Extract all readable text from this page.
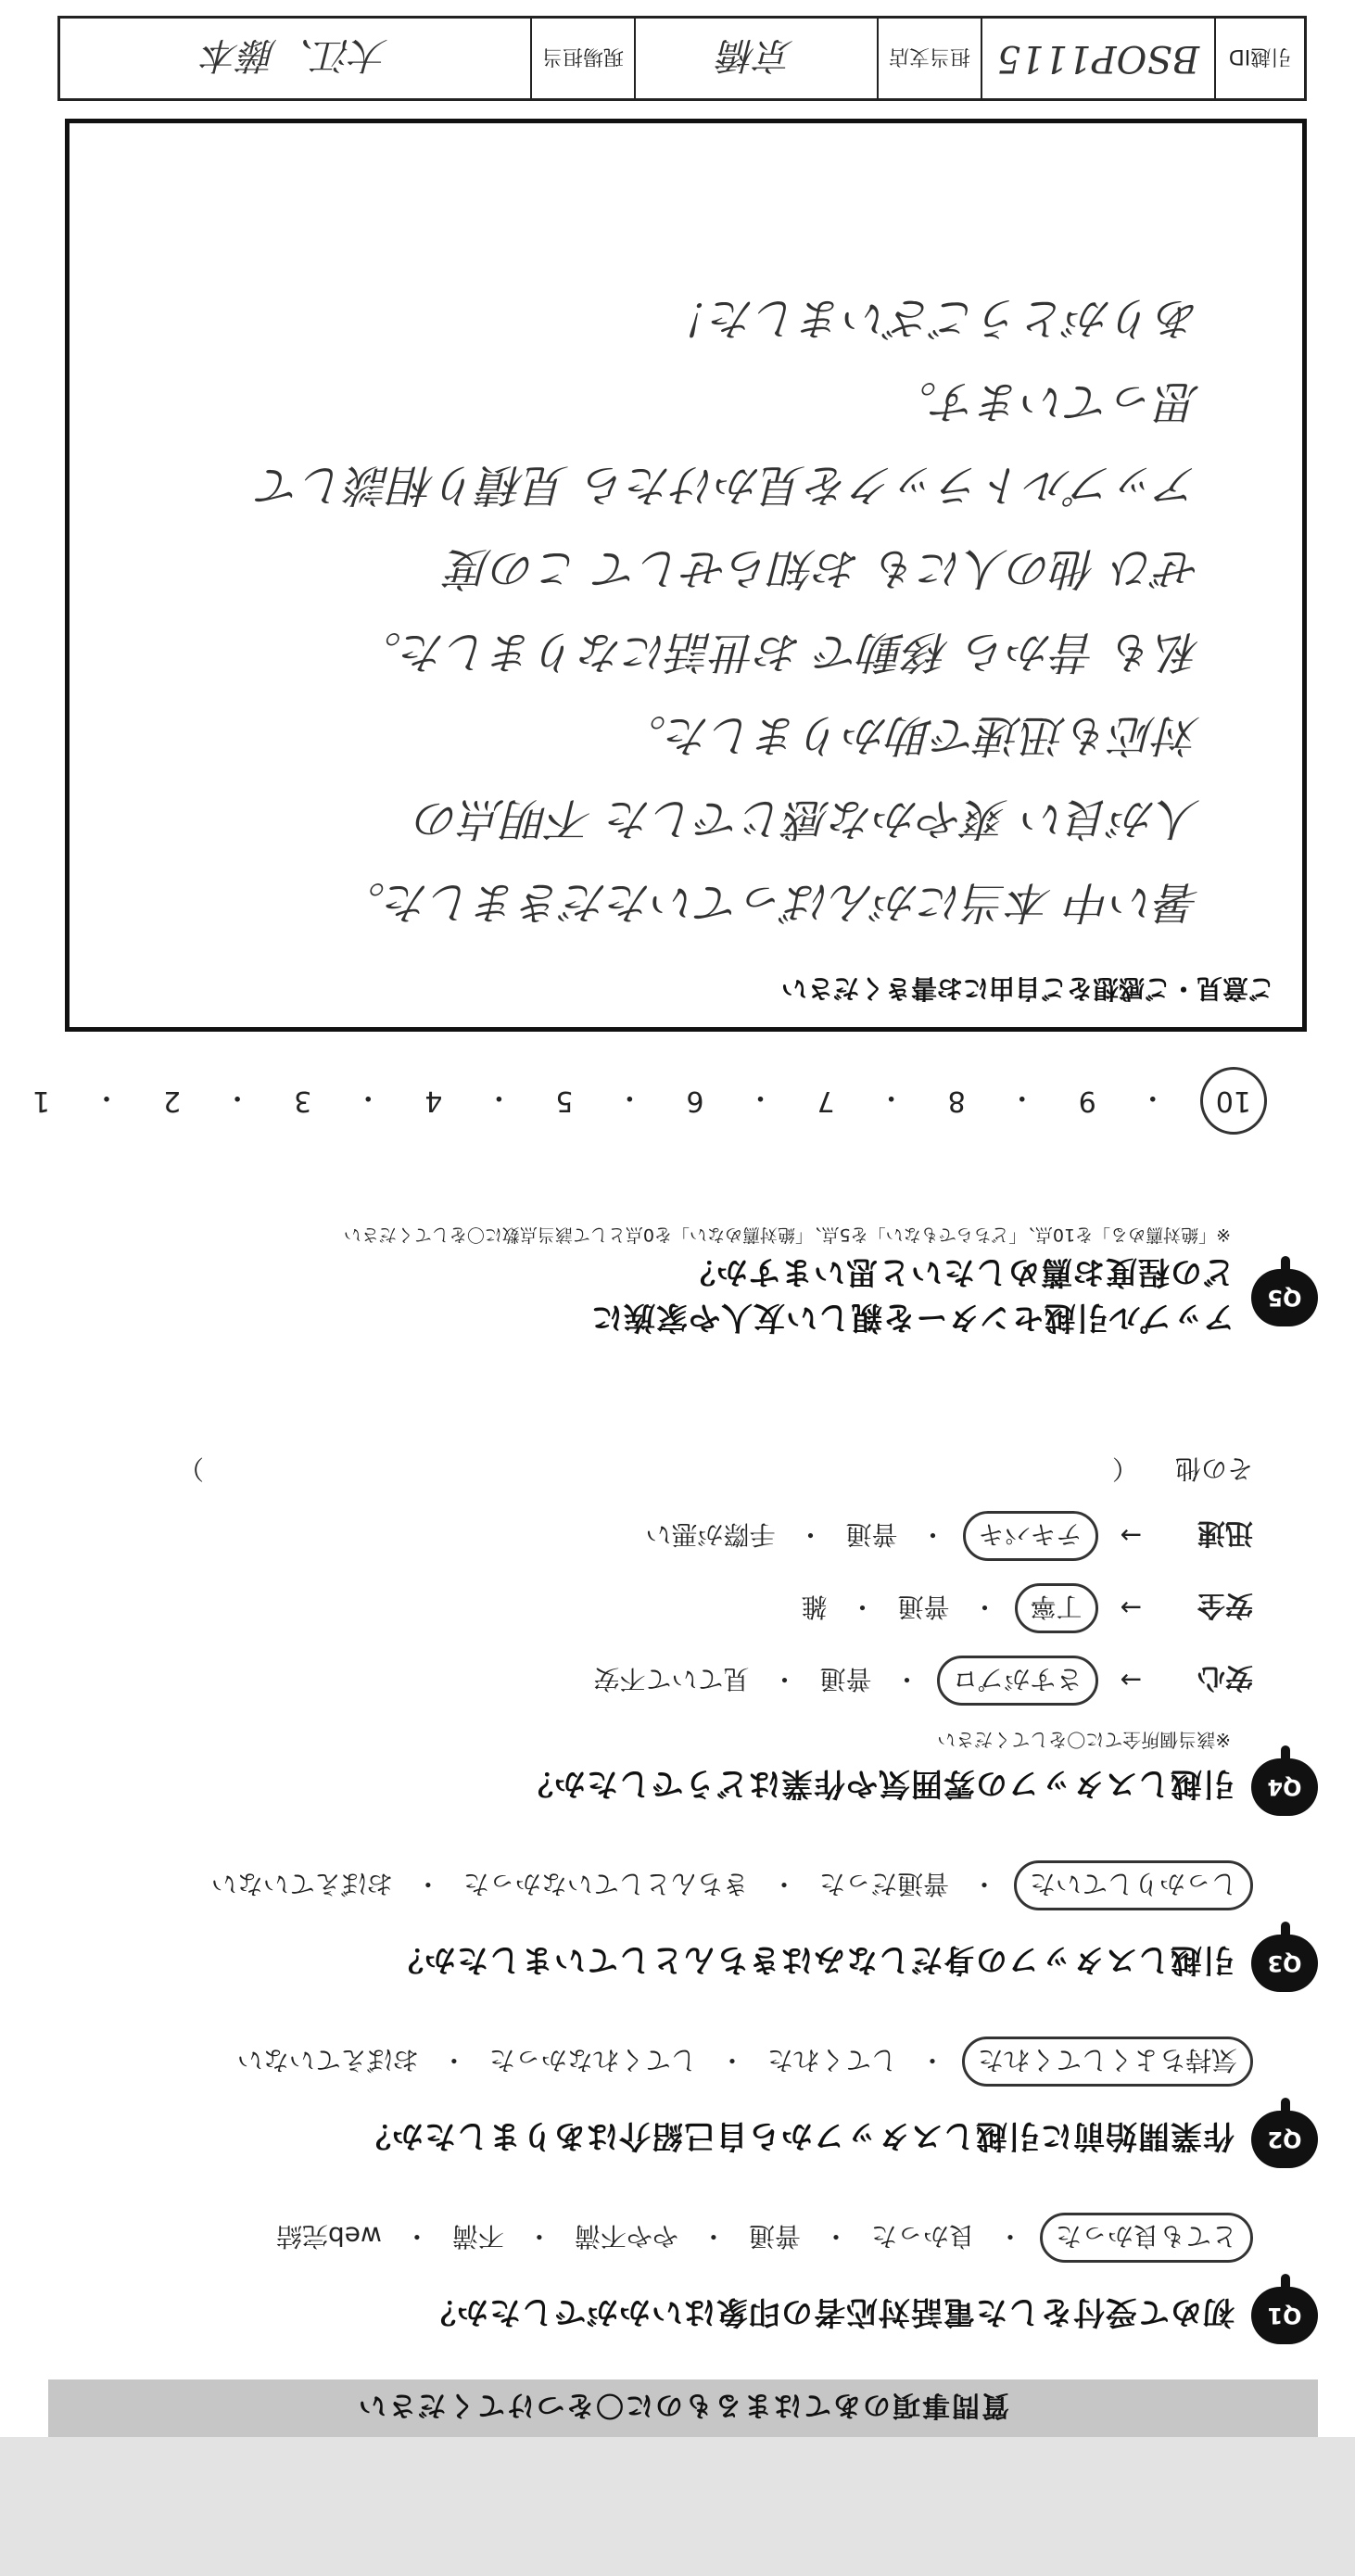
質問事項のあてはまるものに〇をつけてください
Q1
初めて受付をした電話対応者の印象はいかがでしたか？
とても良かった
・
良かった
・
普通
・
やや不満
・
不満
・
web完結
Q2
作業開始前に引越しスタッフから自己紹介はありましたか？
気持ちよくしてくれた
・
してくれた
・
してくれなかった
・
おぼえていない
Q3
引越しスタッフの身だしなみはきちんとしていましたか？
しっかりしていた
・
普通だった
・
きちんとしていなかった
・
おぼえていない
Q4
引越しスタッフの雰囲気や作業はどうでしたか？
※該当個所全てに〇をしてください
安心
→
さすがプロ
・
普通
・
見ていて不安
安全
→
丁寧
・
普通
・
雑
迅速
→
テキパキ
・
普通
・
手際が悪い
その他
（
）
Q5
アップル引越センターを親しい友人や家族に
どの程度お薦めしたいと思いますか？
※「絶対薦める」を10点、「どちらでもない」を5点、「絶対薦めない」を0点として該当点数に〇をしてください
10
・
9
・
8
・
7
・
6
・
5
・
4
・
3
・
2
・
1
ご意見・ご感想をご自由にお書きください
暑い中 本当にがんばっていただきました。
人が良い 爽やかな感じでした 不明点の
対応も迅速で助かりました。
私も 昔から 移動で お世話になりました。
ぜひ 他の人にも お知らせして この度
アップルトラックを見かけたら 見積り相談して
思っています。
ありがとうございました！
引越ID
BSOP1115
担当支店
京橋
現場担当
大江、藤本
